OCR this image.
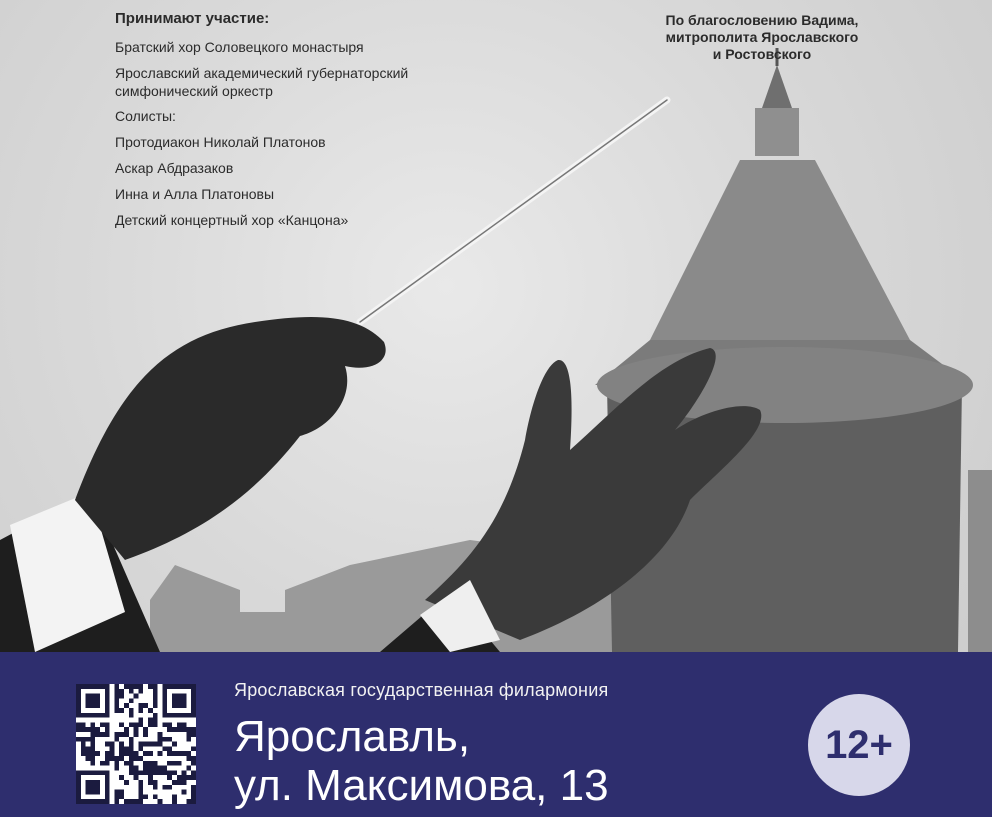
Принимают участие:
Братский хор Соловецкого монастыря
Ярославский академический губернаторский
симфонический оркестр
Солисты:
Протодиакон Николай Платонов
Аскар Абдразаков
Инна и Алла Платоновы
Детский концертный хор «Канцона»
По благословению Вадима,
митрополита Ярославского
и Ростовского
Ярославская государственная филармония
Ярославль,
ул. Максимова, 13
12+
